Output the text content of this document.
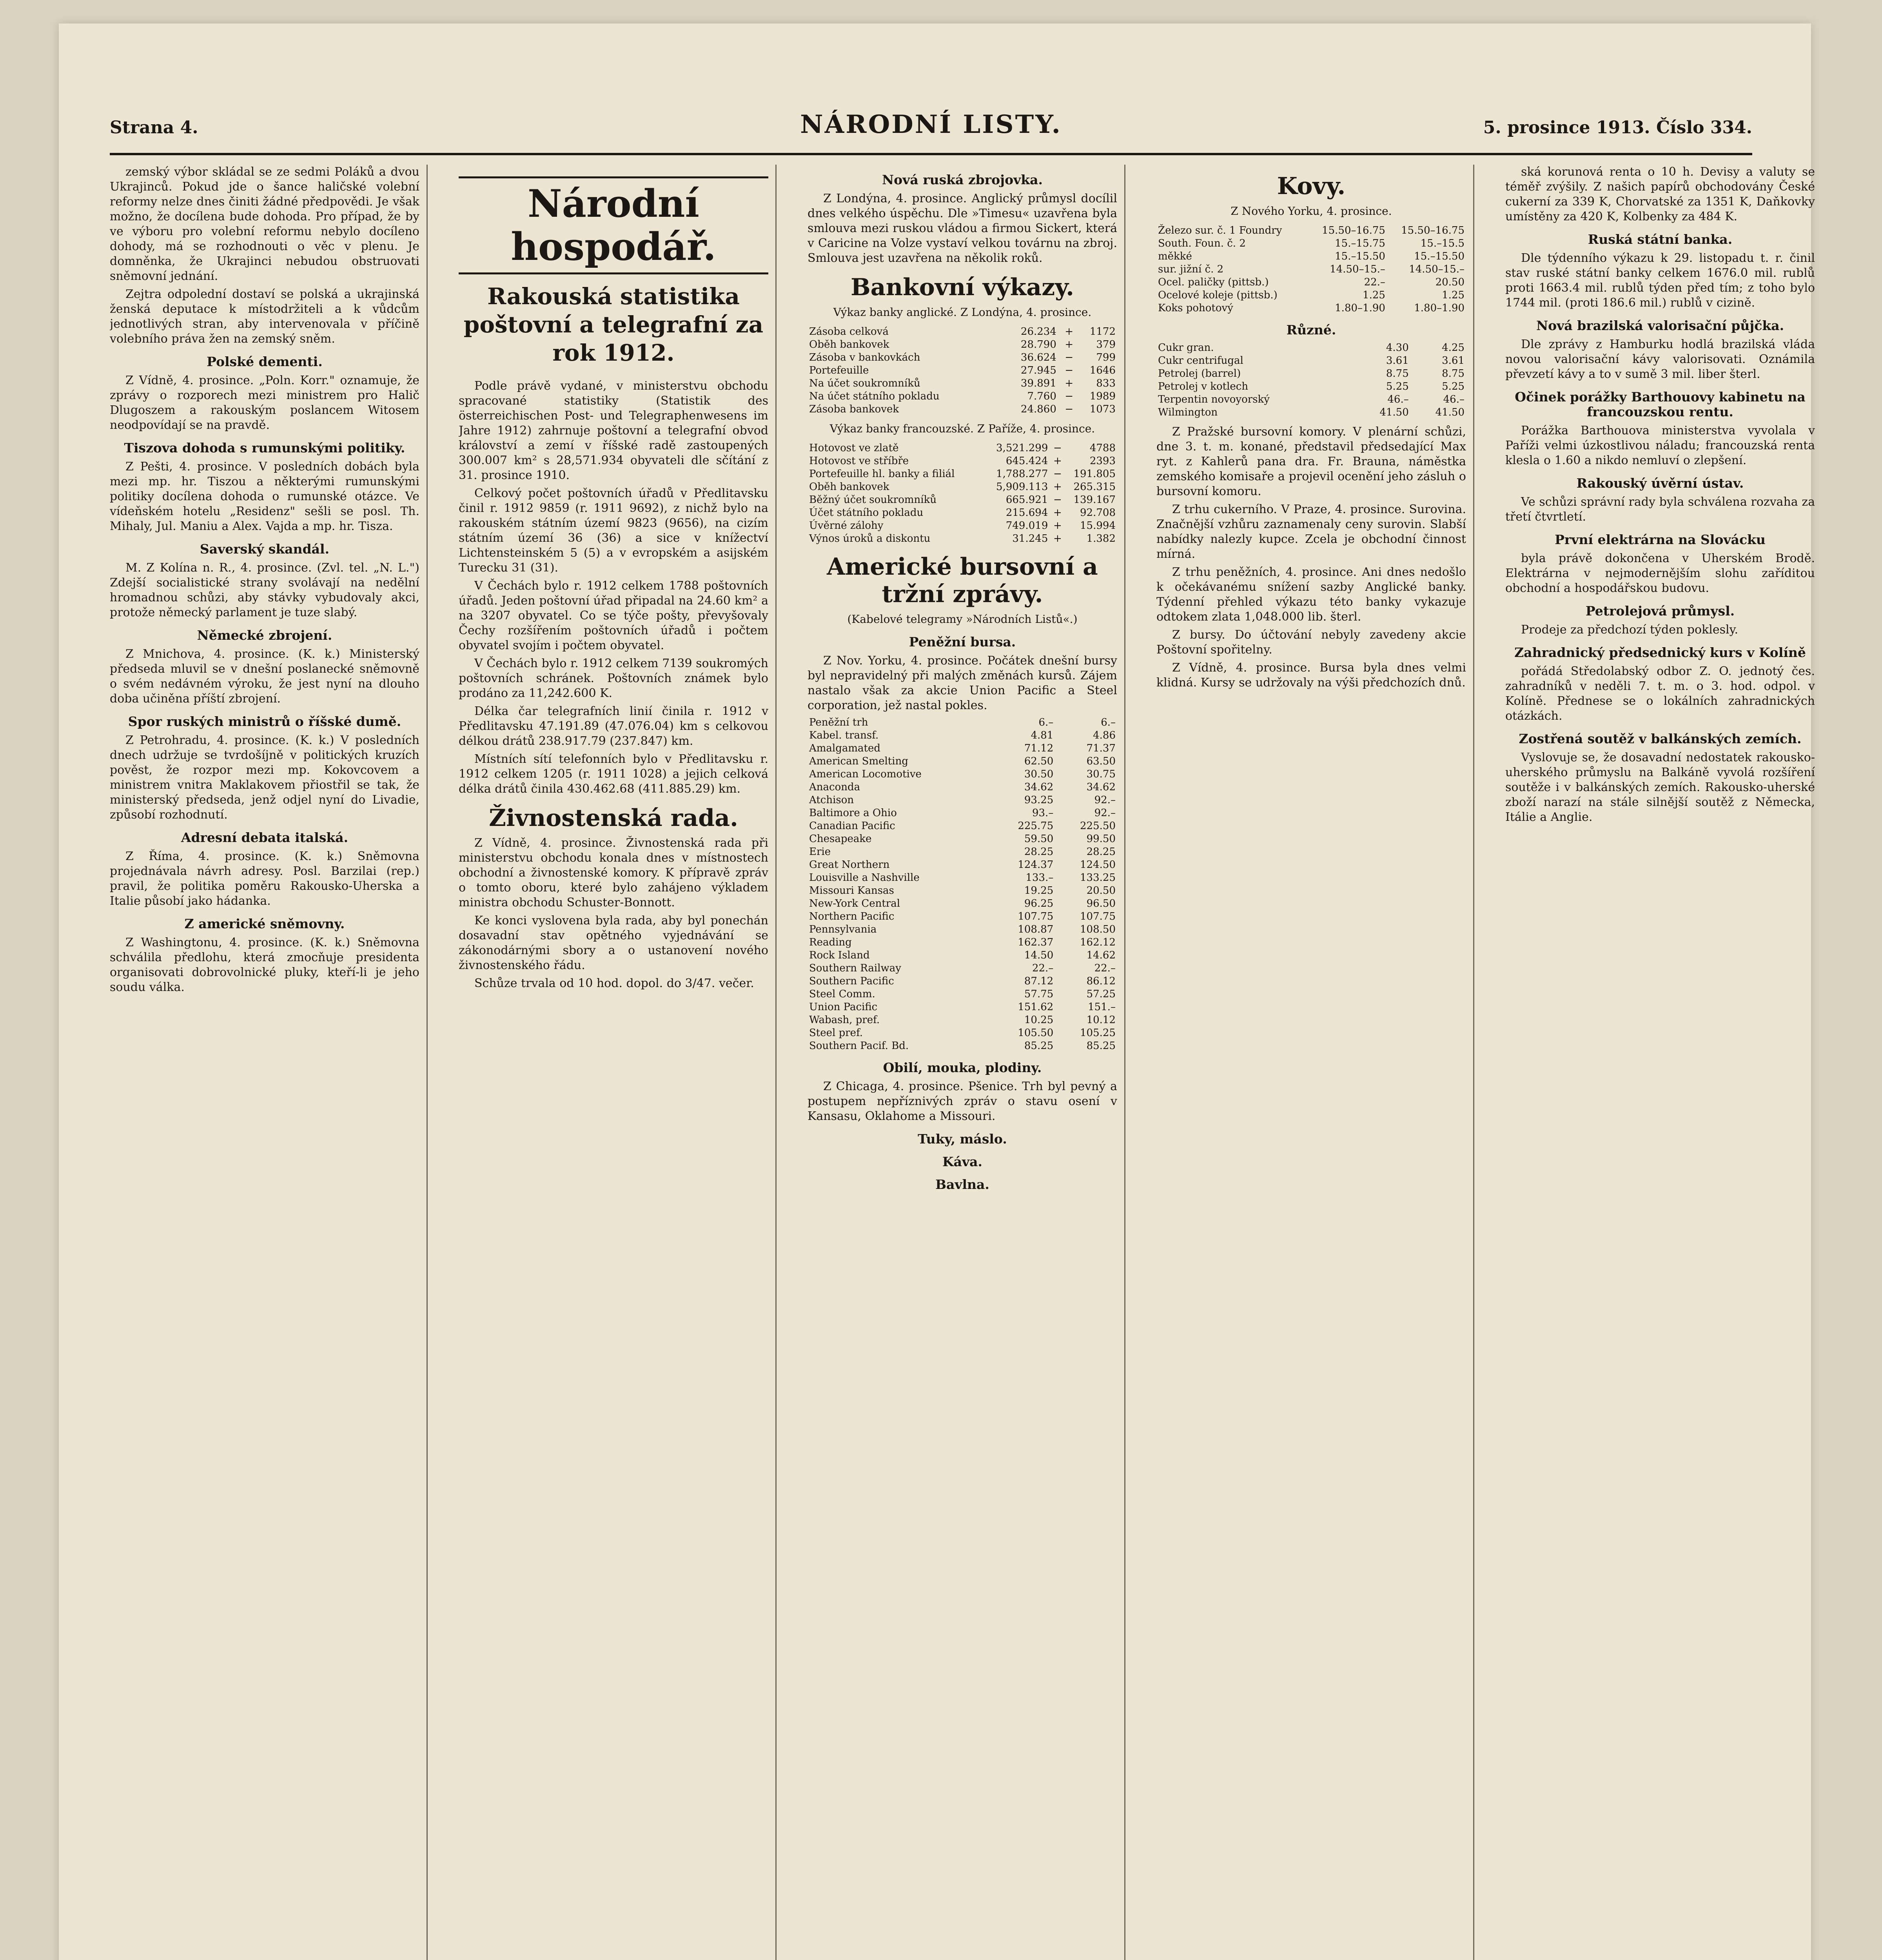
Strana 4.	NÁRODNÍ LISTY.	5. prosince 1913. Číslo 334.

zemský výbor skládal se ze sedmi Poláků a dvou Ukrajinců. Pokud jde o šance haličské volební reformy nelze dnes činiti žádné předpovědi. Je však možno, že docílena bude dohoda. Pro případ, že by ve výboru pro volební reformu nebylo docíleno dohody, má se rozhodnouti o věc v plenu. Je domněnka, že Ukrajinci nebudou obstruovati sněmovní jednání.

Zejtra odpolední dostaví se polská a ukrajinská ženská deputace k místodržiteli a k vůdcům jednotlivých stran, aby intervenovala v příčině volebního práva žen na zemský sněm.

Polské dementi.

Z Vídně, 4. prosince. „Poln. Korr." oznamuje, že zprávy o rozporech mezi ministrem pro Halič Dlugoszem a rakouským poslancem Witosem neodpovídají se na pravdě.

Tiszova dohoda s rumunskými politiky.

Z Pešti, 4. prosince. V posledních dobách byla mezi mp. hr. Tiszou a některými rumunskými politiky docílena dohoda o rumunské otázce. Ve vídeňském hotelu „Residenz" sešli se posl. Th. Mihaly, Jul. Maniu a Alex. Vajda a mp. hr. Tisza.

Saverský skandál.

M. Z Kolína n. R., 4. prosince. (Zvl. tel. „N. L.") Zdejší socialistické strany svolávají na nedělní hromadnou schůzi, aby stávky vybudovaly akci, protože německý parlament je tuze slabý.

Německé zbrojení.

Z Mnichova, 4. prosince. (K. k.) Ministerský předseda mluvil se v dnešní poslanecké sněmovně o svém nedávném výroku, že jest nyní na dlouho doba učiněna příští zbrojení.

Spor ruských ministrů o říšské dumě.

Z Petrohradu, 4. prosince. (K. k.) V posledních dnech udržuje se tvrdošíjně v politických kruzích pověst, že rozpor mezi mp. Kokovcovem a ministrem vnitra Maklakovem přiostřil se tak, že ministerský předseda, jenž odjel nyní do Livadie, způsobí rozhodnutí.

Adresní debata italská.

Z Říma, 4. prosince. (K. k.) Sněmovna projednávala návrh adresy. Posl. Barzilai (rep.) pravil, že politika poměru Rakousko-Uherska a Italie působí jako hádanka.

Z americké sněmovny.

Z Washingtonu, 4. prosince. (K. k.) Sněmovna schválila předlohu, která zmocňuje presidenta organisovati dobrovolnické pluky, kteří-li je jeho soudu válka.

Národní hospodář.
Rakouská statistika poštovní a telegrafní za rok 1912.

Podle právě vydané, v ministerstvu obchodu spracované statistiky (Statistik des österreichischen Post- und Telegraphenwesens im Jahre 1912) zahrnuje poštovní a telegrafní obvod království a zemí v říšské radě zastoupených 300.007 km² s 28,571.934 obyvateli dle sčítání z 31. prosince 1910.

Celkový počet poštovních úřadů v Předlitavsku činil r. 1912 9859 (r. 1911 9692), z nichž bylo na rakouském státním území 9823 (9656), na cizím státním území 36 (36) a sice v knížectví Lichtensteinském 5 (5) a v evropském a asijském Turecku 31 (31).

V Čechách bylo r. 1912 celkem 1788 poštovních úřadů. Jeden poštovní úřad připadal na 24.60 km² a na 3207 obyvatel. Co se týče pošty, převyšovaly Čechy rozšířením poštovních úřadů i počtem obyvatel svojím i počtem obyvatel.

V Čechách bylo r. 1912 celkem 7139 soukromých poštovních schránek. Poštovních známek bylo prodáno za 11,242.600 K.

Délka čar telegrafních linií činila r. 1912 v Předlitavsku 47.191.89 (47.076.04) km s celkovou délkou drátů 238.917.79 (237.847) km.

Místních sítí telefonních bylo v Předlitavsku r. 1912 celkem 1205 (r. 1911 1028) a jejich celková délka drátů činila 430.462.68 (411.885.29) km.

Živnostenská rada.

Z Vídně, 4. prosince. Živnostenská rada při ministerstvu obchodu konala dnes v místnostech obchodní a živnostenské komory. K přípravě zpráv o tomto oboru, které bylo zahájeno výkladem ministra obchodu Schuster-Bonnott.

Ke konci vyslovena byla rada, aby byl ponechán dosavadní stav opětného vyjednávání se zákonodárnými sbory a o ustanovení nového živnostenského řádu.

Schůze trvala od 10 hod. dopol. do 3/47. večer.

Nová ruská zbrojovka.

Z Londýna, 4. prosince. Anglický průmysl docílil dnes velkého úspěchu. Dle »Timesu« uzavřena byla smlouva mezi ruskou vládou a firmou Sickert, která v Caricine na Volze vystaví velkou továrnu na zbroj. Smlouva jest uzavřena na několik roků.

Bankovní výkazy.
Výkaz banky anglické. Z Londýna, 4. prosince.
Zásoba celková	26.234	+	1172
Oběh bankovek	28.790	+	379
Zásoba v bankovkách	36.624	−	799
Portefeuille	27.945	−	1646
Na účet soukromníků	39.891	+	833
Na účet státního pokladu	7.760	−	1989
Zásoba bankovek	24.860	−	1073
Výkaz banky francouzské. Z Paříže, 4. prosince.
Hotovost ve zlatě	3,521.299	−	4788
Hotovost ve stříbře	645.424	+	2393
Portefeuille hl. banky a filiál	1,788.277	−	191.805
Oběh bankovek	5,909.113	+	265.315
Běžný účet soukromníků	665.921	−	139.167
Účet státního pokladu	215.694	+	92.708
Úvěrné zálohy	749.019	+	15.994
Výnos úroků a diskontu	31.245	+	1.382
Americké bursovní a tržní zprávy.
(Kabelové telegramy »Národních Listů«.)
Peněžní bursa.

Z Nov. Yorku, 4. prosince. Počátek dnešní bursy byl nepravidelný při malých změnách kursů. Zájem nastalo však za akcie Union Pacific a Steel corporation, jež nastal pokles.

Peněžní trh	6.–	6.–
Kabel. transf.	4.81	4.86
Amalgamated	71.12	71.37
American Smelting	62.50	63.50
American Locomotive	30.50	30.75
Anaconda	34.62	34.62
Atchison	93.25	92.–
Baltimore a Ohio	93.–	92.–
Canadian Pacific	225.75	225.50
Chesapeake	59.50	99.50
Erie	28.25	28.25
Great Northern	124.37	124.50
Louisville a Nashville	133.–	133.25
Missouri Kansas	19.25	20.50
New-York Central	96.25	96.50
Northern Pacific	107.75	107.75
Pennsylvania	108.87	108.50
Reading	162.37	162.12
Rock Island	14.50	14.62
Southern Railway	22.–	22.–
Southern Pacific	87.12	86.12
Steel Comm.	57.75	57.25
Union Pacific	151.62	151.–
Wabash, pref.	10.25	10.12
Steel pref.	105.50	105.25
Southern Pacif. Bd.	85.25	85.25
Obilí, mouka, plodiny.

Z Chicaga, 4. prosince. Pšenice. Trh byl pevný a postupem nepříznivých zpráv o stavu osení v Kansasu, Oklahome a Missouri.

Tuky, máslo.
Káva.
Bavlna.
Kovy.
Z Nového Yorku, 4. prosince.
Železo sur. č. 1 Foundry	15.50–16.75	15.50–16.75
South. Foun. č. 2	15.–15.75	15.–15.5
měkké	15.–15.50	15.–15.50
sur. jižní č. 2	14.50–15.–	14.50–15.–
Ocel. paličky (pittsb.)	22.–	20.50
Ocelové koleje (pittsb.)	1.25	1.25
Koks pohotový	1.80–1.90	1.80–1.90
Různé.
Cukr gran.	4.30	4.25
Cukr centrifugal	3.61	3.61
Petrolej (barrel)	8.75	8.75
Petrolej v kotlech	5.25	5.25
Terpentin novoyorský	46.–	46.–
Wilmington	41.50	41.50

Z Pražské bursovní komory. V plenární schůzi, dne 3. t. m. konané, představil předsedající Max ryt. z Kahlerů pana dra. Fr. Brauna, náměstka zemského komisaře a projevil ocenění jeho zásluh o bursovní komoru.

Z trhu cukerního. V Praze, 4. prosince. Surovina. Značnější vzhůru zaznamenaly ceny surovin. Slabší nabídky nalezly kupce. Zcela je obchodní činnost mírná.

Z trhu peněžních, 4. prosince. Ani dnes nedošlo k očekávanému snížení sazby Anglické banky. Týdenní přehled výkazu této banky vykazuje odtokem zlata 1,048.000 lib. šterl.

Z bursy. Do účtování nebyly zavedeny akcie Poštovní spořitelny.

Z Vídně, 4. prosince. Bursa byla dnes velmi klidná. Kursy se udržovaly na výši předchozích dnů.

ská korunová renta o 10 h. Devisy a valuty se téměř zvýšily. Z našich papírů obchodovány České cukerní za 339 K, Chorvatské za 1351 K, Daňkovky umístěny za 420 K, Kolbenky za 484 K.

Ruská státní banka.

Dle týdenního výkazu k 29. listopadu t. r. činil stav ruské státní banky celkem 1676.0 mil. rublů proti 1663.4 mil. rublů týden před tím; z toho bylo 1744 mil. (proti 186.6 mil.) rublů v cizině.

Nová brazilská valorisační půjčka.

Dle zprávy z Hamburku hodlá brazilská vláda novou valorisační kávy valorisovati. Oznámila převzetí kávy a to v sumě 3 mil. liber šterl.

Očinek porážky Barthouovy kabinetu na francouzskou rentu.

Porážka Barthouova ministerstva vyvolala v Paříži velmi úzkostlivou náladu; francouzská renta klesla o 1.60 a nikdo nemluví o zlepšení.

Rakouský úvěrní ústav.

Ve schůzi správní rady byla schválena rozvaha za třetí čtvrtletí.

První elektrárna na Slovácku

byla právě dokončena v Uherském Brodě. Elektrárna v nejmodernějším slohu zaříditou obchodní a hospodářskou budovu.

Petrolejová průmysl.

Prodeje za předchozí týden poklesly.

Zahradnický předsednický kurs v Kolíně

pořádá Středolabský odbor Z. O. jednotý čes. zahradníků v neděli 7. t. m. o 3. hod. odpol. v Kolíně. Přednese se o lokálních zahradnických otázkách.

Zostřená soutěž v balkánských zemích.

Vyslovuje se, že dosavadní nedostatek rakousko-uherského průmyslu na Balkáně vyvolá rozšíření soutěže i v balkánských zemích. Rakousko-uherské zboží narazí na stále silnější soutěž z Německa, Itálie a Anglie.
